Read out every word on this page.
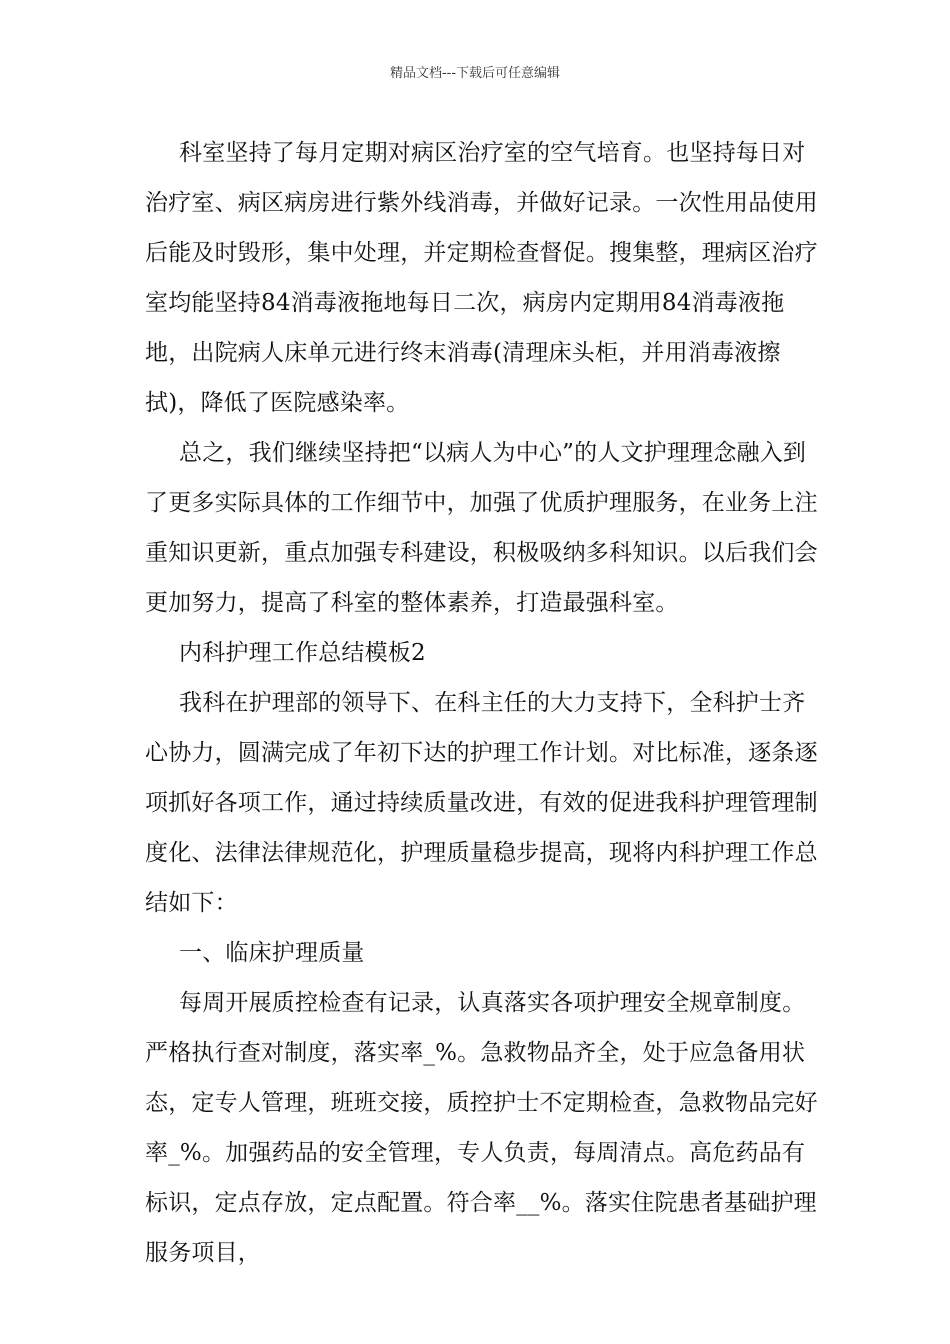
精品文档---下载后可任意编辑

科室坚持了每月定期对病区治疗室的空气培育。也坚持每日对治疗室、病区病房进行紫外线消毒，并做好记录。一次性用品使用后能及时毁形，集中处理，并定期检查督促。搜集整，理病区治疗室均能坚持84消毒液拖地每日二次，病房内定期用84消毒液拖地，出院病人床单元进行终末消毒(清理床头柜，并用消毒液擦拭)，降低了医院感染率。

总之，我们继续坚持把“以病人为中心”的人文护理理念融入到了更多实际具体的工作细节中，加强了优质护理服务，在业务上注重知识更新，重点加强专科建设，积极吸纳多科知识。以后我们会更加努力，提高了科室的整体素养，打造最强科室。

内科护理工作总结模板2

我科在护理部的领导下、在科主任的大力支持下，全科护士齐心协力，圆满完成了年初下达的护理工作计划。对比标准，逐条逐项抓好各项工作，通过持续质量改进，有效的促进我科护理管理制度化、法律法律规范化，护理质量稳步提高，现将内科护理工作总结如下：

一、临床护理质量

每周开展质控检查有记录，认真落实各项护理安全规章制度。严格执行查对制度，落实率_%。急救物品齐全，处于应急备用状态，定专人管理，班班交接，质控护士不定期检查，急救物品完好率_%。加强药品的安全管理，专人负责，每周清点。高危药品有标识，定点存放，定点配置。符合率__%。落实住院患者基础护理服务项目，
